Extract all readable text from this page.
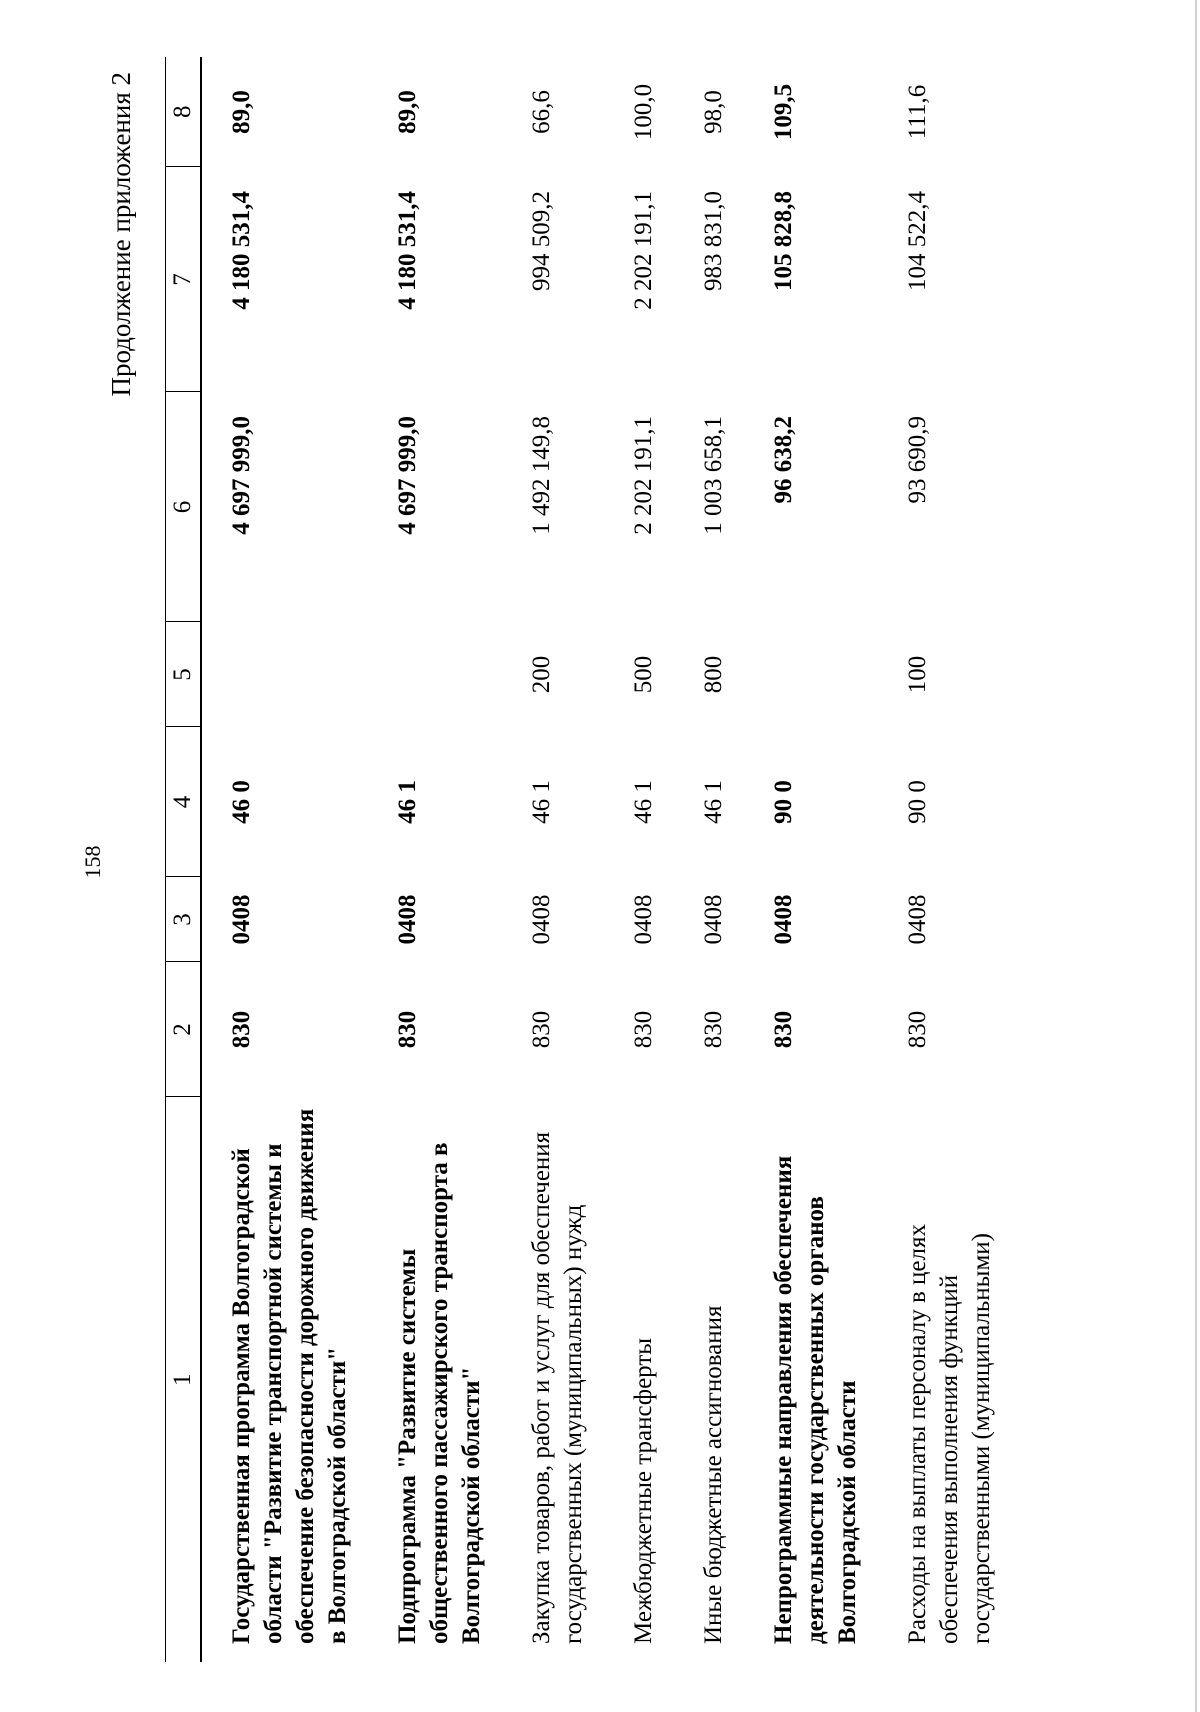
158
Продолжение приложения 2
1	2	3	4	5	6	7	8
Государственная программа Волгоградской области "Развитие транспортной системы и обеспечение безопасности дорожного движения в Волгоградской области"	830	0408	46 0		4 697 999,0	4 180 531,4	89,0
Подпрограмма "Развитие системы общественного пассажирского транспорта в Волгоградской области"	830	0408	46 1		4 697 999,0	4 180 531,4	89,0
Закупка товаров, работ и услуг для обеспечения государственных (муниципальных) нужд	830	0408	46 1	200	1 492 149,8	994 509,2	66,6
Межбюджетные трансферты	830	0408	46 1	500	2 202 191,1	2 202 191,1	100,0
Иные бюджетные ассигнования	830	0408	46 1	800	1 003 658,1	983 831,0	98,0
Непрограммные направления обеспечения деятельности государственных органов Волгоградской области	830	0408	90 0		96 638,2	105 828,8	109,5
Расходы на выплаты персоналу в целях обеспечения выполнения функций государственными (муниципальными)	830	0408	90 0	100	93 690,9	104 522,4	111,6
